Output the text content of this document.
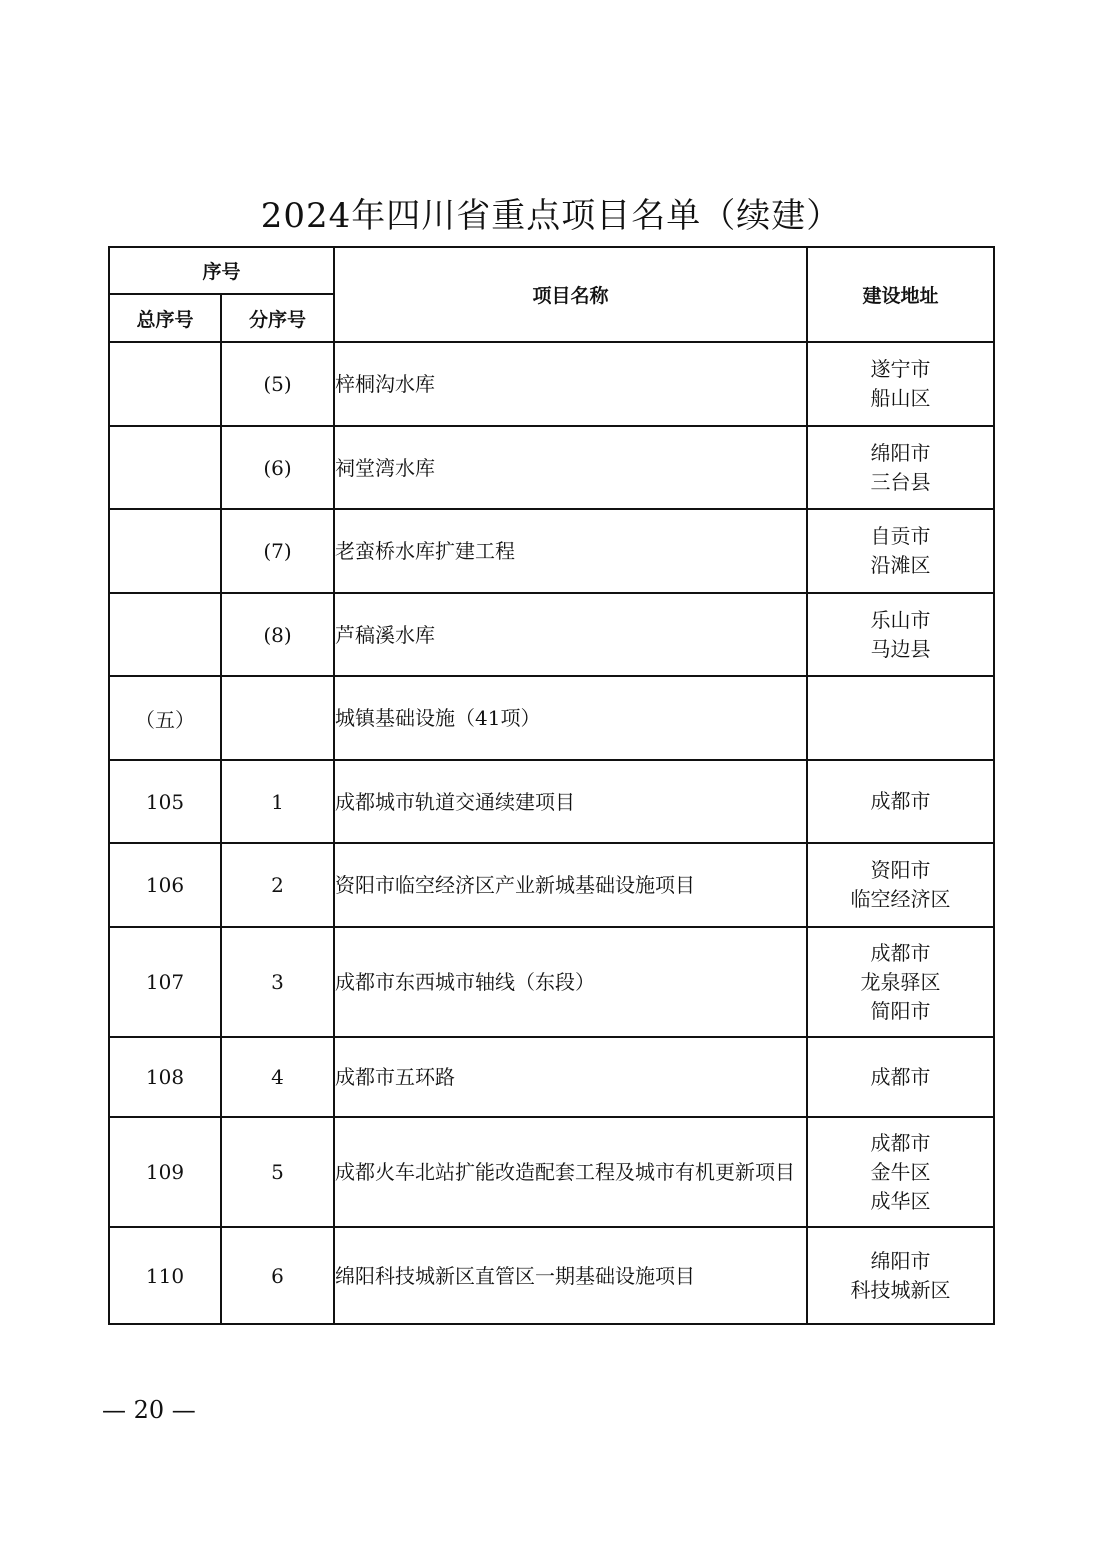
2024年四川省重点项目名单（续建）
序号		项目名称	建设地址
总序号	分序号		
	(5)	梓桐沟水库	遂宁市
船山区

	(6)	祠堂湾水库	绵阳市
三台县

	(7)	老蛮桥水库扩建工程	自贡市
沿滩区

	(8)	芦稿溪水库	乐山市
马边县

（五）		城镇基础设施（41项）	
105	1	成都城市轨道交通续建项目	成都市

106	2	资阳市临空经济区产业新城基础设施项目	资阳市
临空经济区

107	3	成都市东西城市轴线（东段）	成都市
龙泉驿区
简阳市

108	4	成都市五环路	成都市

109	5	成都火车北站扩能改造配套工程及城市有机更新项目	成都市
金牛区
成华区

110	6	绵阳科技城新区直管区一期基础设施项目	绵阳市
科技城新区
— 20 —
